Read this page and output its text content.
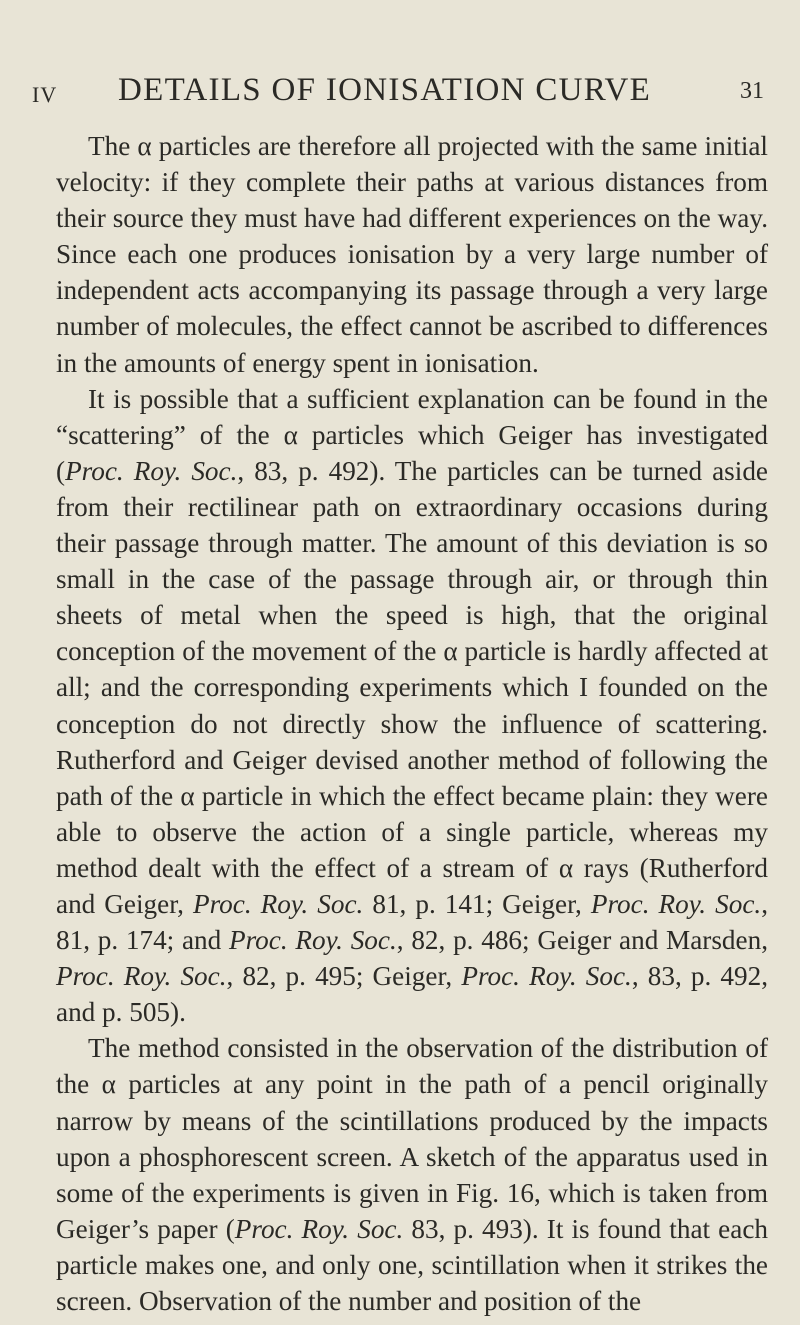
IV DETAILS OF IONISATION CURVE	31

The α particles are therefore all projected with the same initial velocity: if they complete their paths at various distances from their source they must have had different experiences on the way. Since each one produces ionisation by a very large number of independent acts accompanying its passage through a very large number of molecules, the effect cannot be ascribed to differences in the amounts of energy spent in ionisation.

It is possible that a sufficient explanation can be found in the “scattering” of the α particles which Geiger has investigated (Proc. Roy. Soc., 83, p. 492). The particles can be turned aside from their rectilinear path on extraordinary occasions during their passage through matter. The amount of this deviation is so small in the case of the passage through air, or through thin sheets of metal when the speed is high, that the original conception of the movement of the α particle is hardly affected at all; and the corresponding experiments which I founded on the conception do not directly show the influence of scattering. Rutherford and Geiger devised another method of following the path of the α particle in which the effect became plain: they were able to observe the action of a single particle, whereas my method dealt with the effect of a stream of α rays (Rutherford and Geiger, Proc. Roy. Soc. 81, p. 141; Geiger, Proc. Roy. Soc., 81, p. 174; and Proc. Roy. Soc., 82, p. 486; Geiger and Marsden, Proc. Roy. Soc., 82, p. 495; Geiger, Proc. Roy. Soc., 83, p. 492, and p. 505).

The method consisted in the observation of the distribution of the α particles at any point in the path of a pencil originally narrow by means of the scintillations produced by the impacts upon a phosphorescent screen. A sketch of the apparatus used in some of the experiments is given in Fig. 16, which is taken from Geiger’s paper (Proc. Roy. Soc. 83, p. 493). It is found that each particle makes one, and only one, scintillation when it strikes the screen. Observation of the number and position of the
